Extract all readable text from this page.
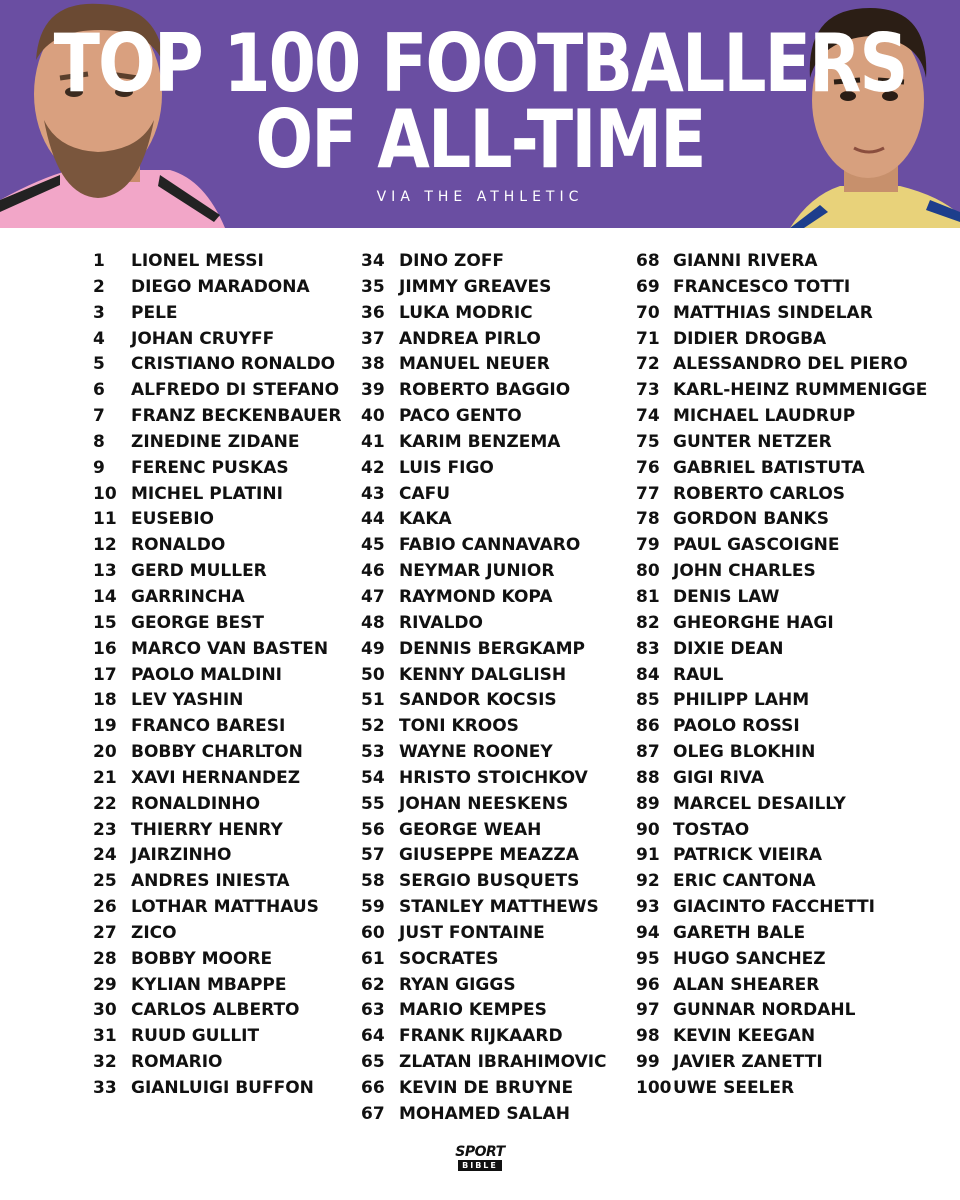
TOP 100 FOOTBALLERS
OF ALL-TIME
VIA THE ATHLETIC
1 LIONEL MESSI
2 DIEGO MARADONA
3 PELE
4 JOHAN CRUYFF
5 CRISTIANO RONALDO
6 ALFREDO DI STEFANO
7 FRANZ BECKENBAUER
8 ZINEDINE ZIDANE
9 FERENC PUSKAS
10 MICHEL PLATINI
11 EUSEBIO
12 RONALDO
13 GERD MULLER
14 GARRINCHA
15 GEORGE BEST
16 MARCO VAN BASTEN
17 PAOLO MALDINI
18 LEV YASHIN
19 FRANCO BARESI
20 BOBBY CHARLTON
21 XAVI HERNANDEZ
22 RONALDINHO
23 THIERRY HENRY
24 JAIRZINHO
25 ANDRES INIESTA
26 LOTHAR MATTHAUS
27 ZICO
28 BOBBY MOORE
29 KYLIAN MBAPPE
30 CARLOS ALBERTO
31 RUUD GULLIT
32 ROMARIO
33 GIANLUIGI BUFFON
34 DINO ZOFF
35 JIMMY GREAVES
36 LUKA MODRIC
37 ANDREA PIRLO
38 MANUEL NEUER
39 ROBERTO BAGGIO
40 PACO GENTO
41 KARIM BENZEMA
42 LUIS FIGO
43 CAFU
44 KAKA
45 FABIO CANNAVARO
46 NEYMAR JUNIOR
47 RAYMOND KOPA
48 RIVALDO
49 DENNIS BERGKAMP
50 KENNY DALGLISH
51 SANDOR KOCSIS
52 TONI KROOS
53 WAYNE ROONEY
54 HRISTO STOICHKOV
55 JOHAN NEESKENS
56 GEORGE WEAH
57 GIUSEPPE MEAZZA
58 SERGIO BUSQUETS
59 STANLEY MATTHEWS
60 JUST FONTAINE
61 SOCRATES
62 RYAN GIGGS
63 MARIO KEMPES
64 FRANK RIJKAARD
65 ZLATAN IBRAHIMOVIC
66 KEVIN DE BRUYNE
67 MOHAMED SALAH
68 GIANNI RIVERA
69 FRANCESCO TOTTI
70 MATTHIAS SINDELAR
71 DIDIER DROGBA
72 ALESSANDRO DEL PIERO
73 KARL-HEINZ RUMMENIGGE
74 MICHAEL LAUDRUP
75 GUNTER NETZER
76 GABRIEL BATISTUTA
77 ROBERTO CARLOS
78 GORDON BANKS
79 PAUL GASCOIGNE
80 JOHN CHARLES
81 DENIS LAW
82 GHEORGHE HAGI
83 DIXIE DEAN
84 RAUL
85 PHILIPP LAHM
86 PAOLO ROSSI
87 OLEG BLOKHIN
88 GIGI RIVA
89 MARCEL DESAILLY
90 TOSTAO
91 PATRICK VIEIRA
92 ERIC CANTONA
93 GIACINTO FACCHETTI
94 GARETH BALE
95 HUGO SANCHEZ
96 ALAN SHEARER
97 GUNNAR NORDAHL
98 KEVIN KEEGAN
99 JAVIER ZANETTI
100 UWE SEELER
SPORT
BIBLE
